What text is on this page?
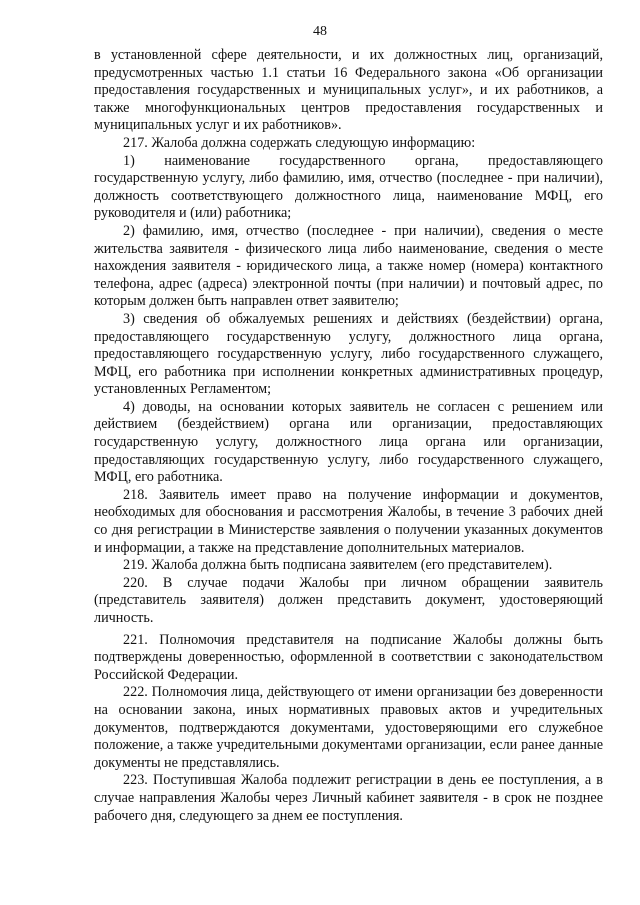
48

в установленной сфере деятельности, и их должностных лиц, организаций, предусмотренных частью 1.1 статьи 16 Федерального закона «Об организации предоставления государственных и муниципальных услуг», и их работников, а также многофункциональных центров предоставления государственных и муниципальных услуг и их работников».

217. Жалоба должна содержать следующую информацию:

1) наименование государственного органа, предоставляющего государственную услугу, либо фамилию, имя, отчество (последнее - при наличии), должность соответствующего должностного лица, наименование МФЦ, его руководителя и (или) работника;

2) фамилию, имя, отчество (последнее - при наличии), сведения о месте жительства заявителя - физического лица либо наименование, сведения о месте нахождения заявителя - юридического лица, а также номер (номера) контактного телефона, адрес (адреса) электронной почты (при наличии) и почтовый адрес, по которым должен быть направлен ответ заявителю;

3) сведения об обжалуемых решениях и действиях (бездействии) органа, предоставляющего государственную услугу, должностного лица органа, предоставляющего государственную услугу, либо государственного служащего, МФЦ, его работника при исполнении конкретных административных процедур, установленных Регламентом;

4) доводы, на основании которых заявитель не согласен с решением или действием (бездействием) органа или организации, предоставляющих государственную услугу, должностного лица органа или организации, предоставляющих государственную услугу, либо государственного служащего, МФЦ, его работника.

218. Заявитель имеет право на получение информации и документов, необходимых для обоснования и рассмотрения Жалобы, в течение 3 рабочих дней со дня регистрации в Министерстве заявления о получении указанных документов и информации, а также на представление дополнительных материалов.

219. Жалоба должна быть подписана заявителем (его представителем).

220. В случае подачи Жалобы при личном обращении заявитель (представитель заявителя) должен представить документ, удостоверяющий личность.

221. Полномочия представителя на подписание Жалобы должны быть подтверждены доверенностью, оформленной в соответствии с законодательством Российской Федерации.

222. Полномочия лица, действующего от имени организации без доверенности на основании закона, иных нормативных правовых актов и учредительных документов, подтверждаются документами, удостоверяющими его служебное положение, а также учредительными документами организации, если ранее данные документы не представлялись.

223. Поступившая Жалоба подлежит регистрации в день ее поступления, а в случае направления Жалобы через Личный кабинет заявителя - в срок не позднее рабочего дня, следующего за днем ее поступления.
